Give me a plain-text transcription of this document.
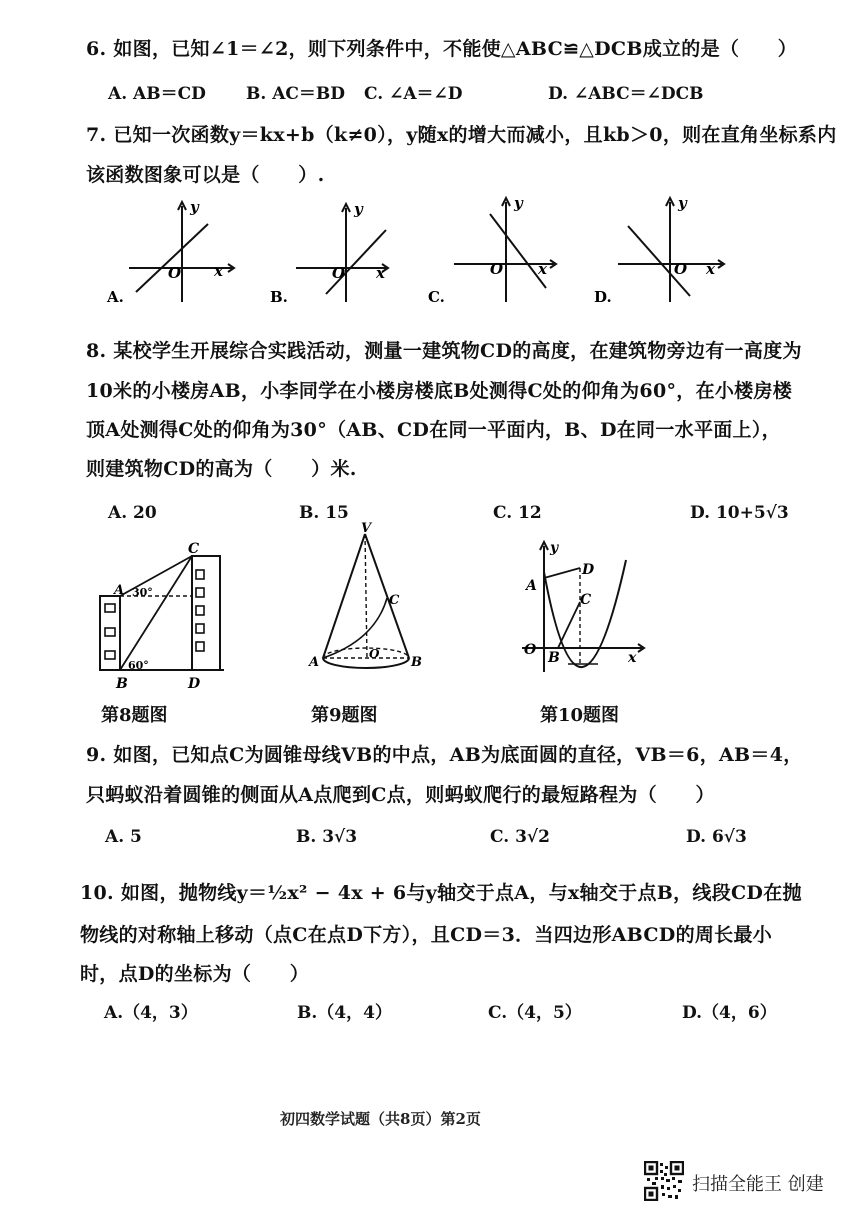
6. 如图，已知∠1＝∠2，则下列条件中，不能使△ABC≌△DCB成立的是（　　）
A. AB＝CD B. AC＝BD C. ∠A＝∠D	D. ∠ABC＝∠DCB
7. 已知一次函数y＝kx+b（k≠0），y随x的增大而减小，且kb＞0，则在直角坐标系内
该函数图象可以是（　　）.
y
x
O
A.
y
x
O
B.
y
x
O
C.
y
x
O
D.
8. 某校学生开展综合实践活动，测量一建筑物CD的高度，在建筑物旁边有一高度为
10米的小楼房AB，小李同学在小楼房楼底B处测得C处的仰角为60°，在小楼房楼
顶A处测得C处的仰角为30°（AB、CD在同一平面内，B、D在同一水平面上），
则建筑物CD的高为（　　）米.
A. 20	B. 15	C. 12	D. 10+5√3
C
A 30°
60°
B	D
第8题图
V
C
A
O
B
第9题图
y
x
A
D
C
O B
第10题图
9. 如图，已知点C为圆锥母线VB的中点，AB为底面圆的直径，VB＝6，AB＝4，
只蚂蚁沿着圆锥的侧面从A点爬到C点，则蚂蚁爬行的最短路程为（　　）
A. 5	B. 3√3	C. 3√2	D. 6√3
10. 如图，抛物线y＝½x² − 4x + 6与y轴交于点A，与x轴交于点B，线段CD在抛
物线的对称轴上移动（点C在点D下方），且CD＝3．当四边形ABCD的周长最小
时，点D的坐标为（　　）
A.（4，3）	B.（4，4）	C.（4，5）	D.（4，6）
初四数学试题（共8页）第2页
扫描全能王 创建
